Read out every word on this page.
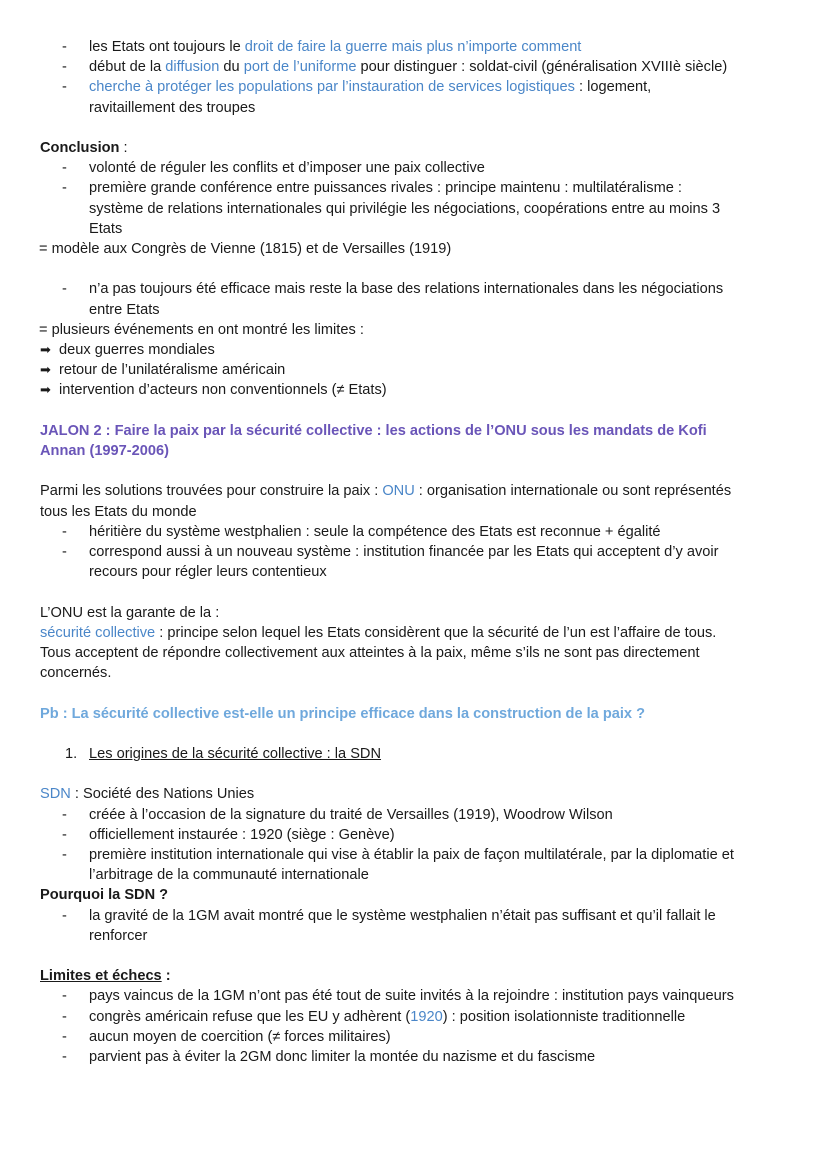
- les Etats ont toujours le droit de faire la guerre mais plus n’importe comment

- début de la diffusion du port de l’uniforme pour distinguer : soldat-civil (généralisation XVIIIè siècle)

- cherche à protéger les populations par l’instauration de services logistiques : logement, ravitaillement des troupes

Conclusion :

- volonté de réguler les conflits et d’imposer une paix collective

- première grande conférence entre puissances rivales : principe maintenu : multilatéralisme : système de relations internationales qui privilégie les négociations, coopérations entre au moins 3 Etats

= modèle aux Congrès de Vienne (1815) et de Versailles (1919)

- n’a pas toujours été efficace mais reste la base des relations internationales dans les négociations entre Etats

= plusieurs événements en ont montré les limites :

➡ deux guerres mondiales

➡ retour de l’unilatéralisme américain

➡ intervention d’acteurs non conventionnels (≠ Etats)

JALON 2 : Faire la paix par la sécurité collective : les actions de l’ONU sous les mandats de Kofi Annan (1997-2006)

Parmi les solutions trouvées pour construire la paix : ONU : organisation internationale ou sont représentés tous les Etats du monde

- héritière du système westphalien : seule la compétence des Etats est reconnue + égalité

- correspond aussi à un nouveau système : institution financée par les Etats qui acceptent d’y avoir recours pour régler leurs contentieux

L’ONU est la garante de la :

sécurité collective : principe selon lequel les Etats considèrent que la sécurité de l’un est l’affaire de tous. Tous acceptent de répondre collectivement aux atteintes à la paix, même s’ils ne sont pas directement concernés.

Pb : La sécurité collective est-elle un principe efficace dans la construction de la paix ?

1. Les origines de la sécurité collective : la SDN

SDN : Société des Nations Unies

- créée à l’occasion de la signature du traité de Versailles (1919), Woodrow Wilson

- officiellement instaurée : 1920 (siège : Genève)

- première institution internationale qui vise à établir la paix de façon multilatérale, par la diplomatie et l’arbitrage de la communauté internationale

Pourquoi la SDN ?

- la gravité de la 1GM avait montré que le système westphalien n’était pas suffisant et qu’il fallait le renforcer

Limites et échecs :

- pays vaincus de la 1GM n’ont pas été tout de suite invités à la rejoindre : institution pays vainqueurs

- congrès américain refuse que les EU y adhèrent (1920) : position isolationniste traditionnelle

- aucun moyen de coercition (≠ forces militaires)

- parvient pas à éviter la 2GM donc limiter la montée du nazisme et du fascisme
